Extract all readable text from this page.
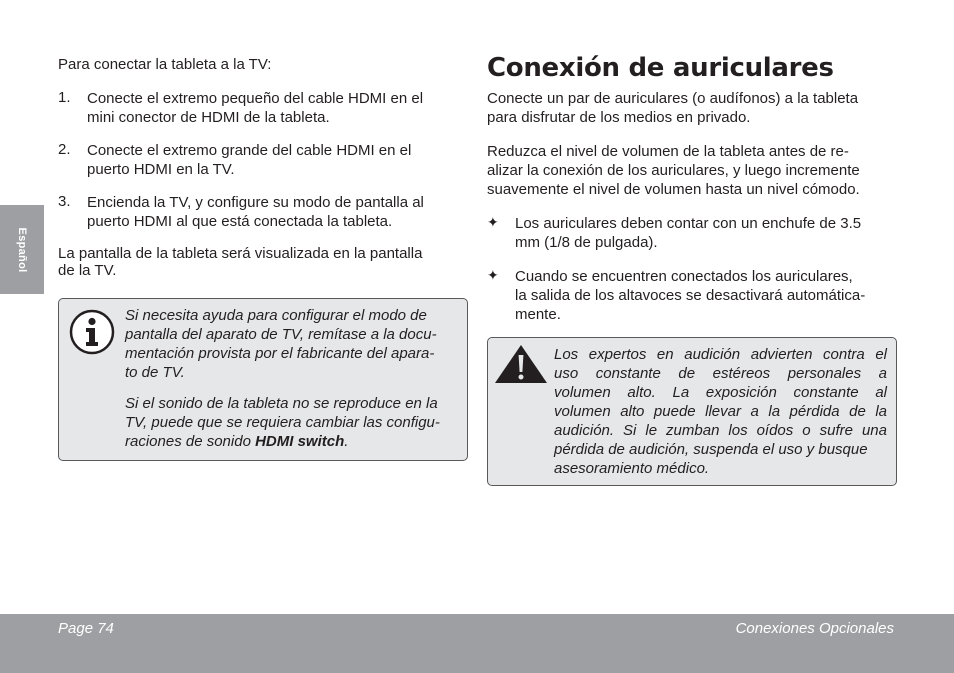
Español

Para conectar la tableta a la TV:

1. Conecte el extremo pequeño del cable HDMI en el
mini conector de HDMI de la tableta.
2. Conecte el extremo grande del cable HDMI en el
puerto HDMI en la TV.
3. Encienda la TV, y configure su modo de pantalla al
puerto HDMI al que está conectada la tableta.
La pantalla de la tableta será visualizada en la pantalla
de la TV.
Si necesita ayuda para configurar el modo de
pantalla del aparato de TV, remítase a la docu-
mentación provista por el fabricante del apara-
to de TV.
Si el sonido de la tableta no se reproduce en la
TV, puede que se requiera cambiar las configu-
raciones de sonido HDMI switch.
Conexión de auriculares

Conecte un par de auriculares (o audífonos) a la tableta

para disfrutar de los medios en privado.

Reduzca el nivel de volumen de la tableta antes de re-

alizar la conexión de los auriculares, y luego incremente

suavemente el nivel de volumen hasta un nivel cómodo.

✦ Los auriculares deben contar con un enchufe de 3.5
mm (1/8 de pulgada).
✦ Cuando se encuentren conectados los auriculares,
la salida de los altavoces se desactivará automática-
mente.
Los expertos en audición advierten contra el
uso constante de estéreos personales a
volumen alto. La exposición constante al
volumen alto puede llevar a la pérdida de la
audición. Si le zumban los oídos o sufre una
pérdida de audición, suspenda el uso y busque
asesoramiento médico.
Page 74	Conexiones Opcionales
